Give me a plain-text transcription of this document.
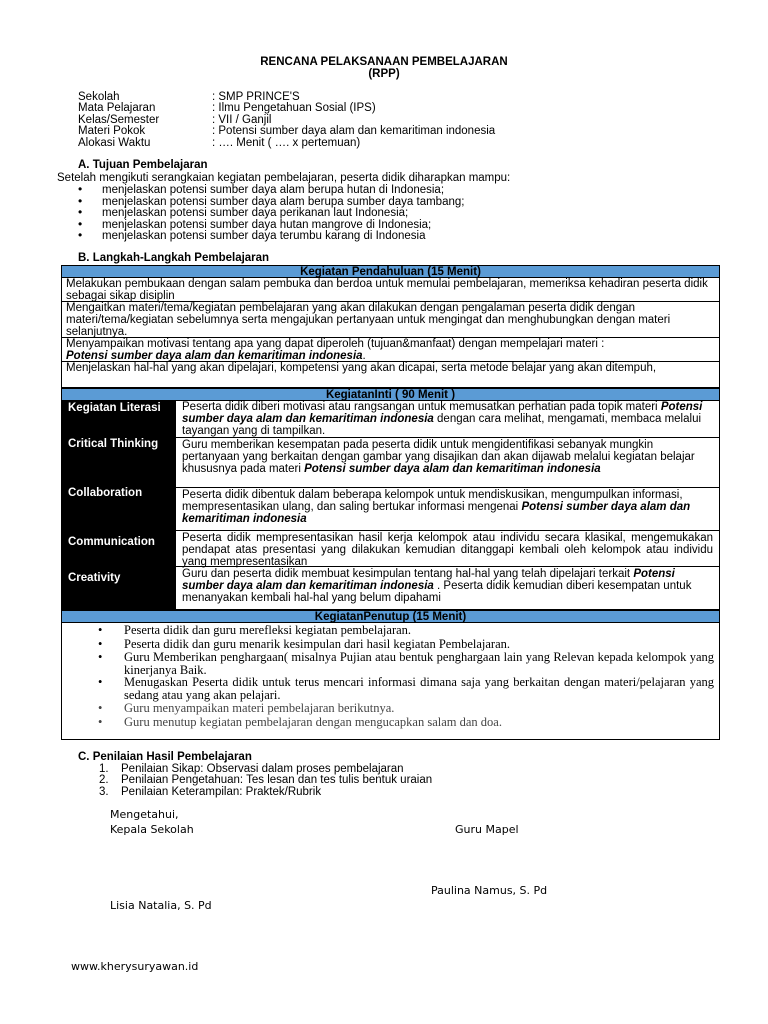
RENCANA PELAKSANAAN PEMBELAJARAN
(RPP)
Sekolah	: SMP PRINCE'S
Mata Pelajaran	: Ilmu Pengetahuan Sosial (IPS)
Kelas/Semester	: VII / Ganjil
Materi Pokok	: Potensi sumber daya alam dan kemaritiman indonesia
Alokasi Waktu	: …. Menit ( …. x pertemuan)
A. Tujuan Pembelajaran
Setelah mengikuti serangkaian kegiatan pembelajaran, peserta didik diharapkan mampu:
• menjelaskan potensi sumber daya alam berupa hutan di Indonesia;
• menjelaskan potensi sumber daya alam berupa sumber daya tambang;
• menjelaskan potensi sumber daya perikanan laut Indonesia;
• menjelaskan potensi sumber daya hutan mangrove di Indonesia;
• menjelaskan potensi sumber daya terumbu karang di Indonesia
B. Langkah-Langkah Pembelajaran
Kegiatan Pendahuluan (15 Menit)
Melakukan pembukaan dengan salam pembuka dan berdoa untuk memulai pembelajaran, memeriksa kehadiran peserta didik sebagai sikap disiplin
Mengaitkan materi/tema/kegiatan pembelajaran yang akan dilakukan dengan pengalaman peserta didik dengan materi/tema/kegiatan sebelumnya serta mengajukan pertanyaan untuk mengingat dan menghubungkan dengan materi selanjutnya.
Menyampaikan motivasi tentang apa yang dapat diperoleh (tujuan&manfaat) dengan mempelajari materi :
Potensi sumber daya alam dan kemaritiman indonesia.
Menjelaskan hal-hal yang akan dipelajari, kompetensi yang akan dicapai, serta metode belajar yang akan ditempuh,
KegiatanInti ( 90 Menit )
Kegiatan Literasi	Peserta didik diberi motivasi atau rangsangan untuk memusatkan perhatian pada topik materi Potensi sumber daya alam dan kemaritiman indonesia dengan cara melihat, mengamati, membaca melalui tayangan yang di tampilkan.
Critical Thinking	Guru memberikan kesempatan pada peserta didik untuk mengidentifikasi sebanyak mungkin pertanyaan yang berkaitan dengan gambar yang disajikan dan akan dijawab melalui kegiatan belajar khususnya pada materi Potensi sumber daya alam dan kemaritiman indonesia
Collaboration	Peserta didik dibentuk dalam beberapa kelompok untuk mendiskusikan, mengumpulkan informasi, mempresentasikan ulang, dan saling bertukar informasi mengenai Potensi sumber daya alam dan kemaritiman indonesia
Communication	Peserta didik mempresentasikan hasil kerja kelompok atau individu secara klasikal, mengemukakan pendapat atas presentasi yang dilakukan kemudian ditanggapi kembali oleh kelompok atau individu yang mempresentasikan
Creativity	Guru dan peserta didik membuat kesimpulan tentang hal-hal yang telah dipelajari terkait Potensi sumber daya alam dan kemaritiman indonesia . Peserta didik kemudian diberi kesempatan untuk menanyakan kembali hal-hal yang belum dipahami
KegiatanPenutup (15 Menit)
• Peserta didik dan guru merefleksi kegiatan pembelajaran.
• Peserta didik dan guru menarik kesimpulan dari hasil kegiatan Pembelajaran.
• Guru Memberikan penghargaan( misalnya Pujian atau bentuk penghargaan lain yang Relevan kepada kelompok yang kinerjanya Baik.
• Menugaskan Peserta didik untuk terus mencari informasi dimana saja yang berkaitan dengan materi/pelajaran yang sedang atau yang akan pelajari.
• Guru menyampaikan materi pembelajaran berikutnya.
• Guru menutup kegiatan pembelajaran dengan mengucapkan salam dan doa.
C. Penilaian Hasil Pembelajaran
1. Penilaian Sikap: Observasi dalam proses pembelajaran
2. Penilaian Pengetahuan: Tes lesan dan tes tulis bentuk uraian
3. Penilaian Keterampilan: Praktek/Rubrik
Mengetahui,
Kepala Sekolah	Guru Mapel
Paulina Namus, S. Pd
Lisia Natalia, S. Pd
www.kherysuryawan.id
